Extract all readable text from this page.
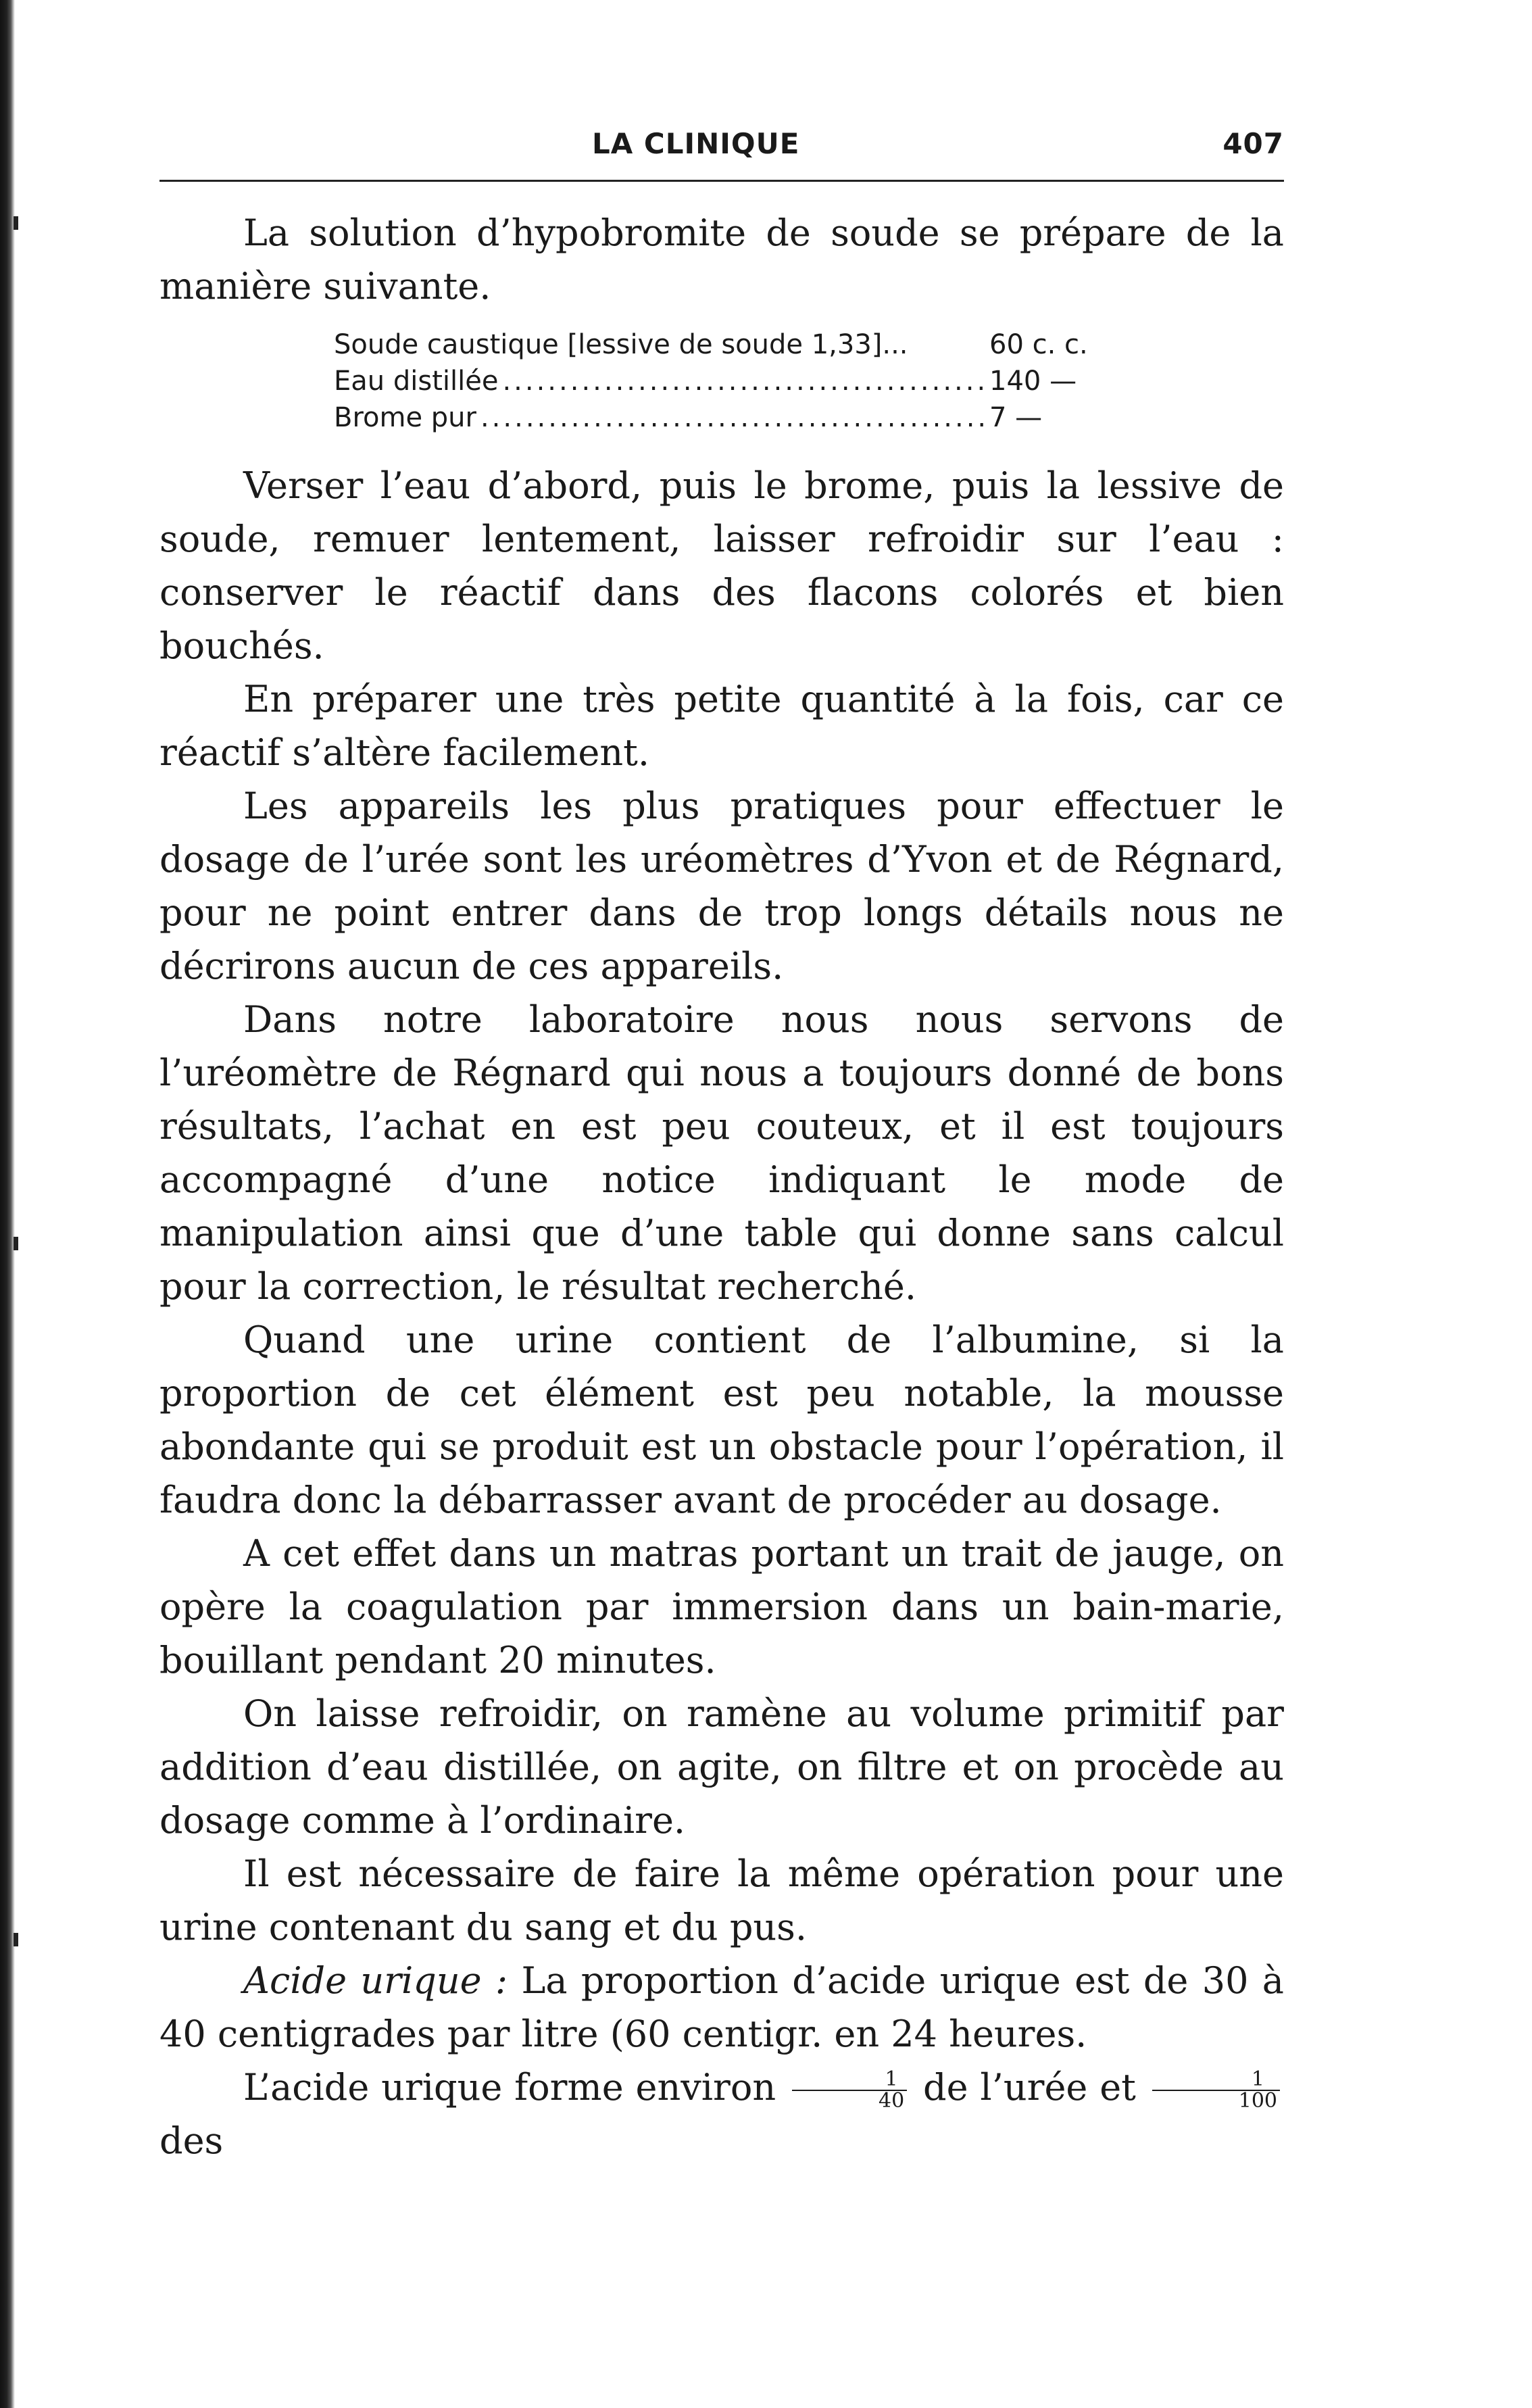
LA CLINIQUE	407

La solution d’hypobromite de soude se prépare de la manière suivante.

Soude caustique [lessive de soude 1,33]...	60 c. c.
Eau distillée .....	140 —
Brome pur .....	7 —

Verser l’eau d’abord, puis le brome, puis la lessive de soude, remuer lentement, laisser refroidir sur l’eau : conserver le réactif dans des flacons colorés et bien bouchés.

En préparer une très petite quantité à la fois, car ce réactif s’altère facilement.

Les appareils les plus pratiques pour effectuer le dosage de l’urée sont les uréomètres d’Yvon et de Régnard, pour ne point entrer dans de trop longs détails nous ne décrirons aucun de ces appareils.

Dans notre laboratoire nous nous servons de l’uréomètre de Régnard qui nous a toujours donné de bons résultats, l’achat en est peu couteux, et il est toujours accompagné d’une notice indiquant le mode de manipulation ainsi que d’une table qui donne sans calcul pour la correction, le résultat recherché.

Quand une urine contient de l’albumine, si la proportion de cet élément est peu notable, la mousse abondante qui se produit est un obstacle pour l’opération, il faudra donc la débarrasser avant de procéder au dosage.

A cet effet dans un matras portant un trait de jauge, on opère la coagulation par immersion dans un bain-marie, bouillant pendant 20 minutes.

On laisse refroidir, on ramène au volume primitif par addition d’eau distillée, on agite, on filtre et on procède au dosage comme à l’ordinaire.

Il est nécessaire de faire la même opération pour une urine contenant du sang et du pus.

Acide urique : La proportion d’acide urique est de 30 à 40 centigrades par litre (60 centigr. en 24 heures.

L’acide urique forme environ $\frac{1}{40}$ de l’urée et $\frac{1}{100}$
des
